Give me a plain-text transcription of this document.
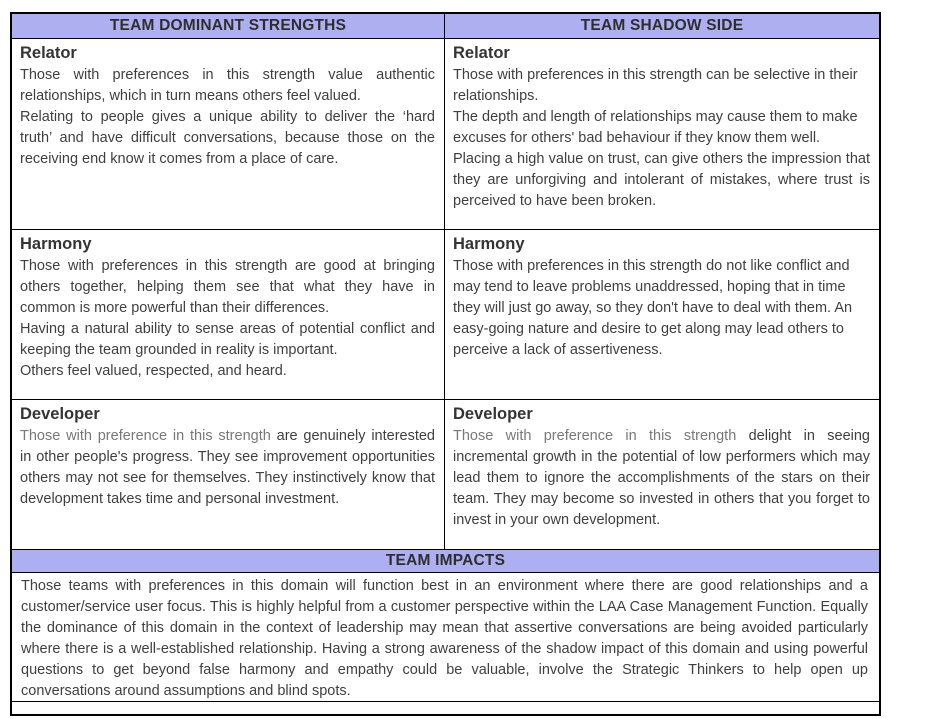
TEAM DOMINANT STRENGTHS	TEAM SHADOW SIDE
Relator

Those with preferences in this strength value authentic relationships, which in turn means others feel valued.

Relating to people gives a unique ability to deliver the ‘hard truth’ and have difficult conversations, because those on the receiving end know it comes from a place of care.

Relator

Those with preferences in this strength can be selective in their relationships.

The depth and length of relationships may cause them to make excuses for others' bad behaviour if they know them well.

Placing a high value on trust, can give others the impression that they are unforgiving and intolerant of mistakes, where trust is perceived to have been broken.

Harmony

Those with preferences in this strength are good at bringing others together, helping them see that what they have in common is more powerful than their differences.

Having a natural ability to sense areas of potential conflict and keeping the team grounded in reality is important.

Others feel valued, respected, and heard.

Harmony

Those with preferences in this strength do not like conflict and may tend to leave problems unaddressed, hoping that in time they will just go away, so they don't have to deal with them. An easy-going nature and desire to get along may lead others to perceive a lack of assertiveness.

Developer

Those with preference in this strength are genuinely interested in other people's progress. They see improvement opportunities others may not see for themselves. They instinctively know that development takes time and personal investment.

Developer

Those with preference in this strength delight in seeing incremental growth in the potential of low performers which may lead them to ignore the accomplishments of the stars on their team. They may become so invested in others that you forget to invest in your own development.

TEAM IMPACTS

Those teams with preferences in this domain will function best in an environment where there are good relationships and a customer/service user focus. This is highly helpful from a customer perspective within the LAA Case Management Function. Equally the dominance of this domain in the context of leadership may mean that assertive conversations are being avoided particularly where there is a well-established relationship. Having a strong awareness of the shadow impact of this domain and using powerful questions to get beyond false harmony and empathy could be valuable, involve the Strategic Thinkers to help open up conversations around assumptions and blind spots.
